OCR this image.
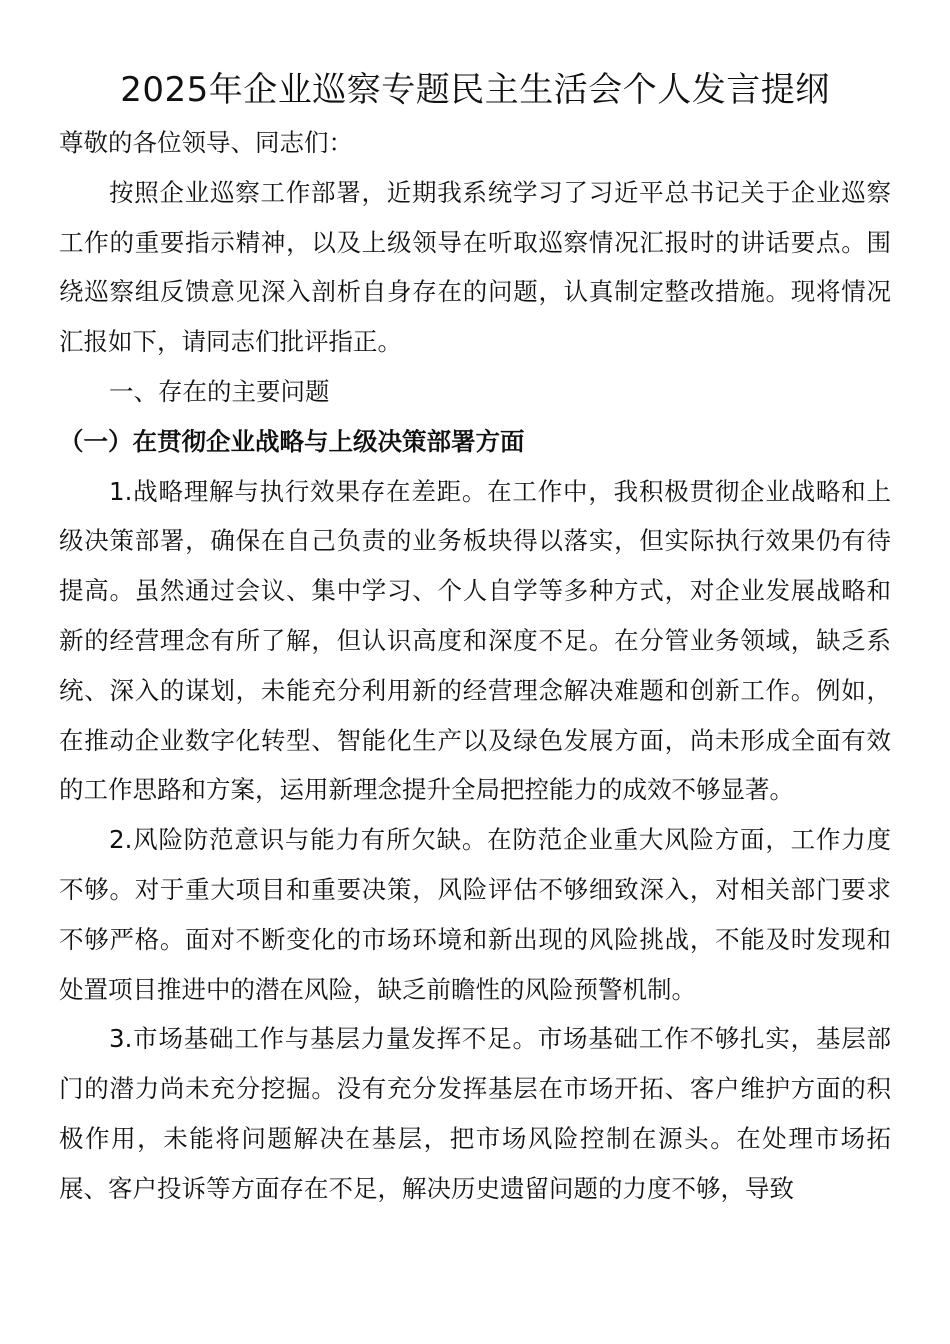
2025年企业巡察专题民主生活会个人发言提纲

尊敬的各位领导、同志们：

按照企业巡察工作部署，近期我系统学习了习近平总书记关于企业巡察工作的重要指示精神，以及上级领导在听取巡察情况汇报时的讲话要点。围绕巡察组反馈意见深入剖析自身存在的问题，认真制定整改措施。现将情况汇报如下，请同志们批评指正。

一、存在的主要问题

（一）在贯彻企业战略与上级决策部署方面

1.战略理解与执行效果存在差距。在工作中，我积极贯彻企业战略和上级决策部署，确保在自己负责的业务板块得以落实，但实际执行效果仍有待提高。虽然通过会议、集中学习、个人自学等多种方式，对企业发展战略和新的经营理念有所了解，但认识高度和深度不足。在分管业务领域，缺乏系统、深入的谋划，未能充分利用新的经营理念解决难题和创新工作。例如，在推动企业数字化转型、智能化生产以及绿色发展方面，尚未形成全面有效的工作思路和方案，运用新理念提升全局把控能力的成效不够显著。

2.风险防范意识与能力有所欠缺。在防范企业重大风险方面，工作力度不够。对于重大项目和重要决策，风险评估不够细致深入，对相关部门要求不够严格。面对不断变化的市场环境和新出现的风险挑战，不能及时发现和处置项目推进中的潜在风险，缺乏前瞻性的风险预警机制。

3.市场基础工作与基层力量发挥不足。市场基础工作不够扎实，基层部门的潜力尚未充分挖掘。没有充分发挥基层在市场开拓、客户维护方面的积极作用，未能将问题解决在基层，把市场风险控制在源头。在处理市场拓展、客户投诉等方面存在不足，解决历史遗留问题的力度不够，导致
